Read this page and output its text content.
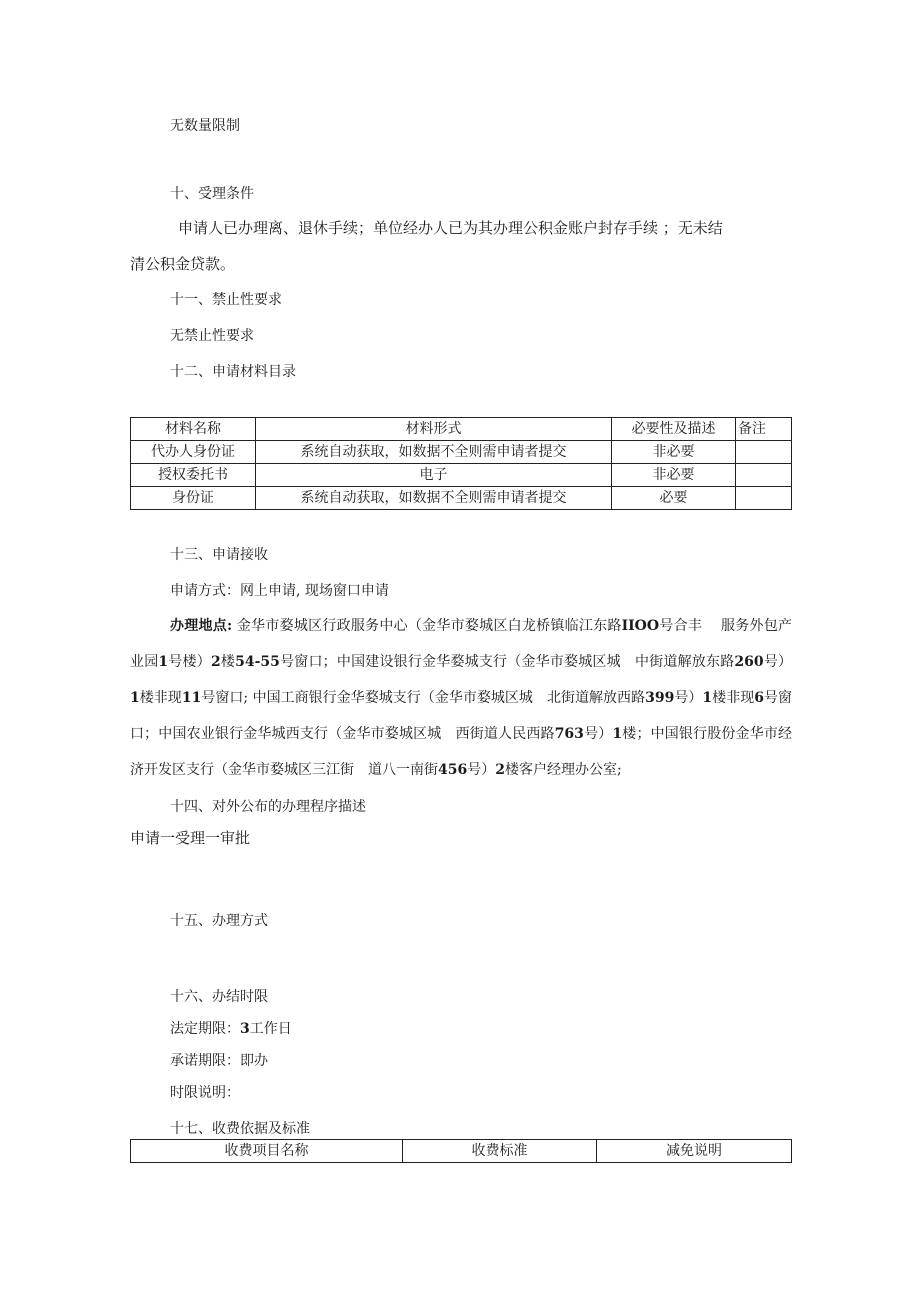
无数量限制
十、受理条件
申请人已办理离、退休手续；单位经办人已为其办理公积金账户封存手续 ；无未结
清公积金贷款。
十一、禁止性要求
无禁止性要求
十二、申请材料目录
材料名称	材料形式	必要性及描述	备注
代办人身份证	系统自动获取，如数据不全则需申请者提交	非必要	
授权委托书	电子	非必要	
身份证	系统自动获取，如数据不全则需申请者提交	必要	
十三、申请接收
申请方式：网上申请, 现场窗口申请
办理地点: 金华市婺城区行政服务中心（金华市婺城区白龙桥镇临江东路IIOO号合丰　 服务外包产业园1号楼）2楼54-55号窗口；中国建设银行金华婺城支行（金华市婺城区城　中街道解放东路260号）1楼非现11号窗口; 中国工商银行金华婺城支行（金华市婺城区城　北街道解放西路399号）1楼非现6号窗口；中国农业银行金华城西支行（金华市婺城区城　西街道人民西路763号）1楼；中国银行股份金华市经济开发区支行（金华市婺城区三江街　道八一南街456号）2楼客户经理办公室;
十四、对外公布的办理程序描述
申请一受理一审批
十五、办理方式
十六、办结时限
法定期限：3工作日
承诺期限：即办
时限说明：
十七、收费依据及标准
收费项目名称	收费标准	减免说明
